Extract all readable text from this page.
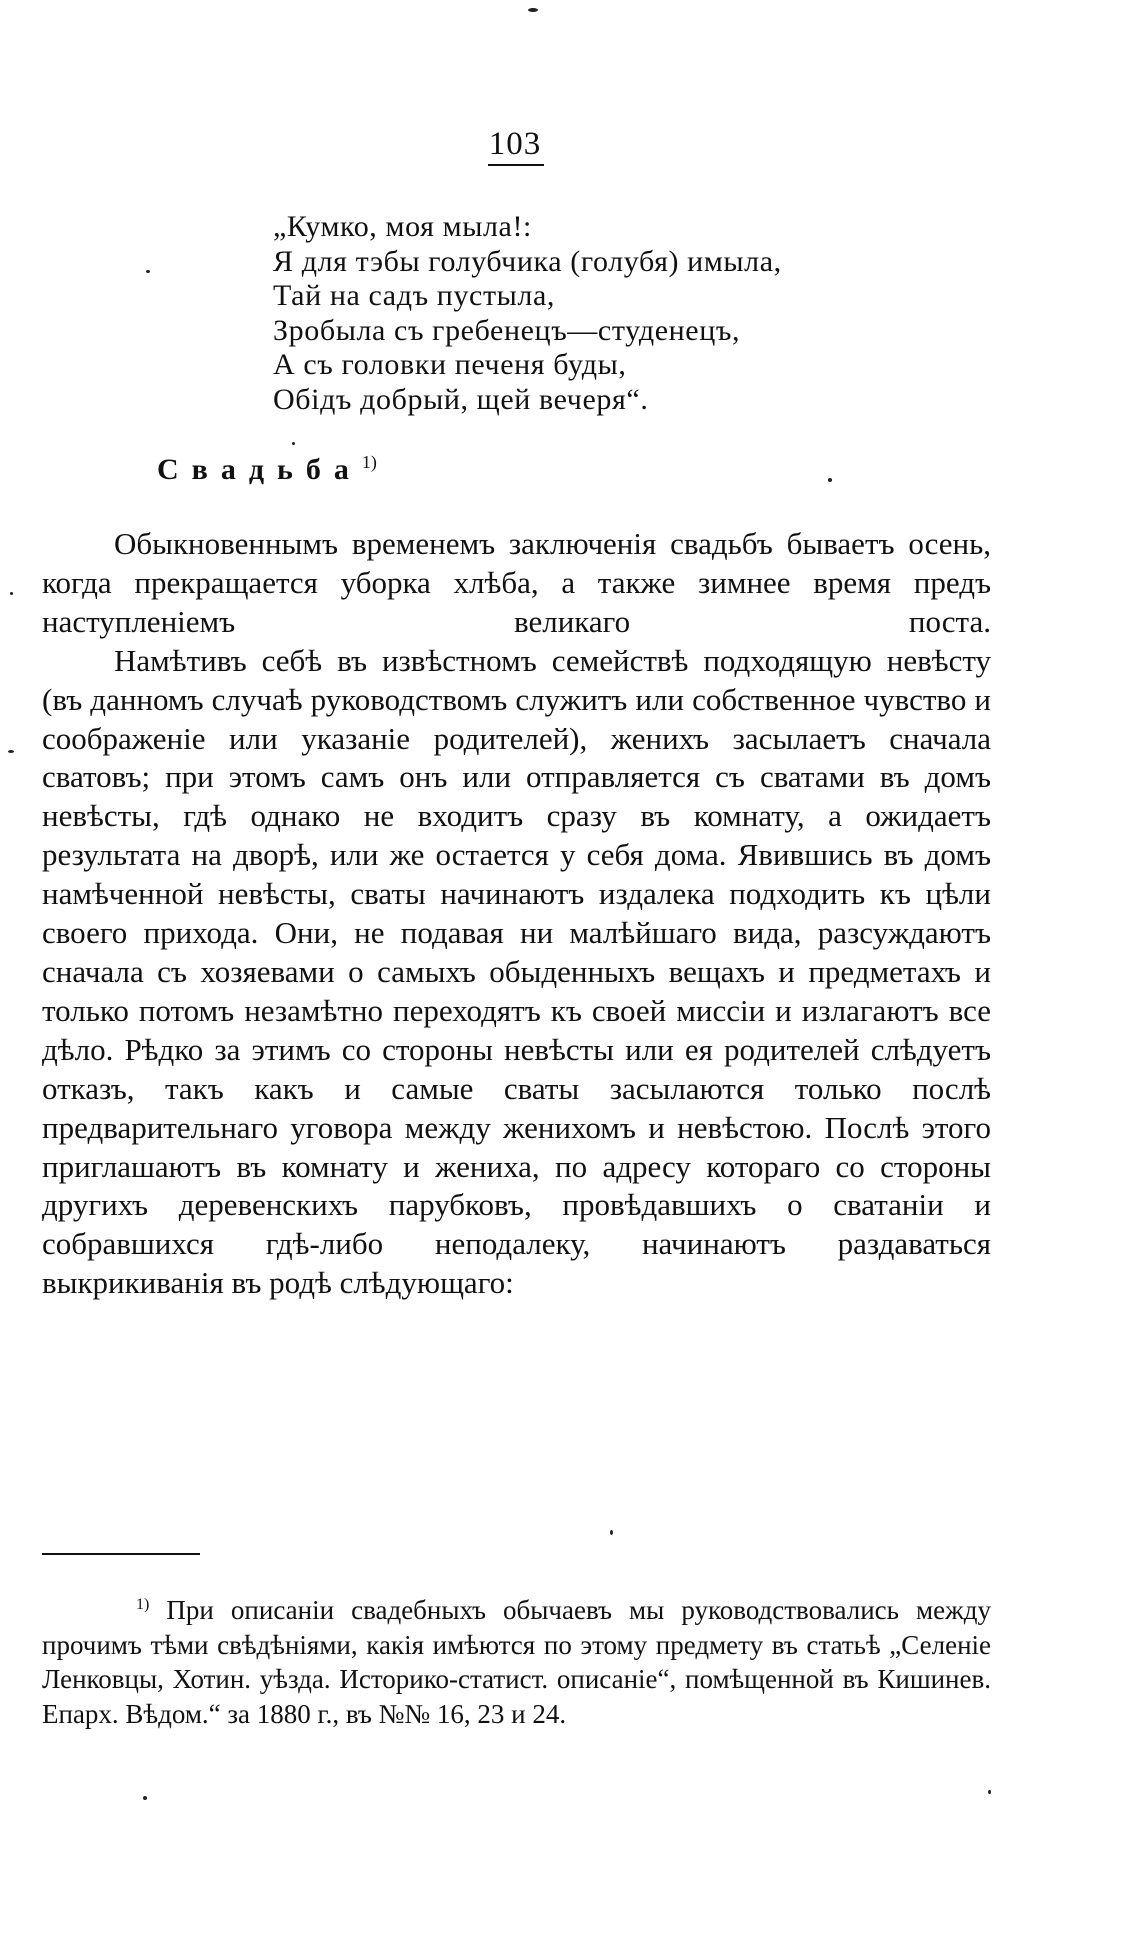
103
„Кумко, моя мыла!:
Я для тэбы голубчика (голубя) имыла,
Тай на садъ пустыла,
Зробыла съ гребенецъ—студенецъ,
А съ головки печеня буды,
Обідъ добрый, щей вечеря“.
Свадьба$^{1)}$

Обыкновеннымъ временемъ заключенія свадьбъ бываетъ осень, когда прекращается уборка хлѣба, а также зимнее время предъ наступленіемъ великаго поста.

Намѣтивъ себѣ въ извѣстномъ семействѣ подходящую невѣсту (въ данномъ случаѣ руководствомъ служитъ или собственное чувство и соображеніе или указаніе родителей), женихъ засылаетъ сначала сватовъ; при этомъ самъ онъ или отправляется съ сватами въ домъ невѣсты, гдѣ однако не входитъ сразу въ комнату, а ожидаетъ результата на дворѣ, или же остается у себя дома. Явившись въ домъ намѣченной невѣсты, сваты начинаютъ издалека подходить къ цѣли своего прихода. Они, не подавая ни малѣйшаго вида, разсуждаютъ сначала съ хозяевами о самыхъ обыденныхъ вещахъ и предметахъ и только потомъ незамѣтно переходятъ къ своей миссіи и излагаютъ все дѣло. Рѣдко за этимъ со стороны невѣсты или ея родителей слѣдуетъ отказъ, такъ какъ и самые сваты засылаются только послѣ предварительнаго уговора между женихомъ и невѣстою. Послѣ этого приглашаютъ въ комнату и жениха, по адресу котораго со стороны другихъ деревенскихъ парубковъ, провѣдавшихъ о сватаніи и собравшихся гдѣ-либо неподалеку, начинаютъ раздаваться выкрикиванія въ родѣ слѣдующаго:

$^{1)}$ При описаніи свадебныхъ обычаевъ мы руководствовались между прочимъ тѣми свѣдѣніями, какія имѣются по этому предмету въ статьѣ „Селеніе Ленковцы, Хотин. уѣзда. Историко-статист. описаніе“, помѣщенной въ Кишинев. Епарх. Вѣдом.“ за 1880 г., въ №№ 16, 23 и 24.
